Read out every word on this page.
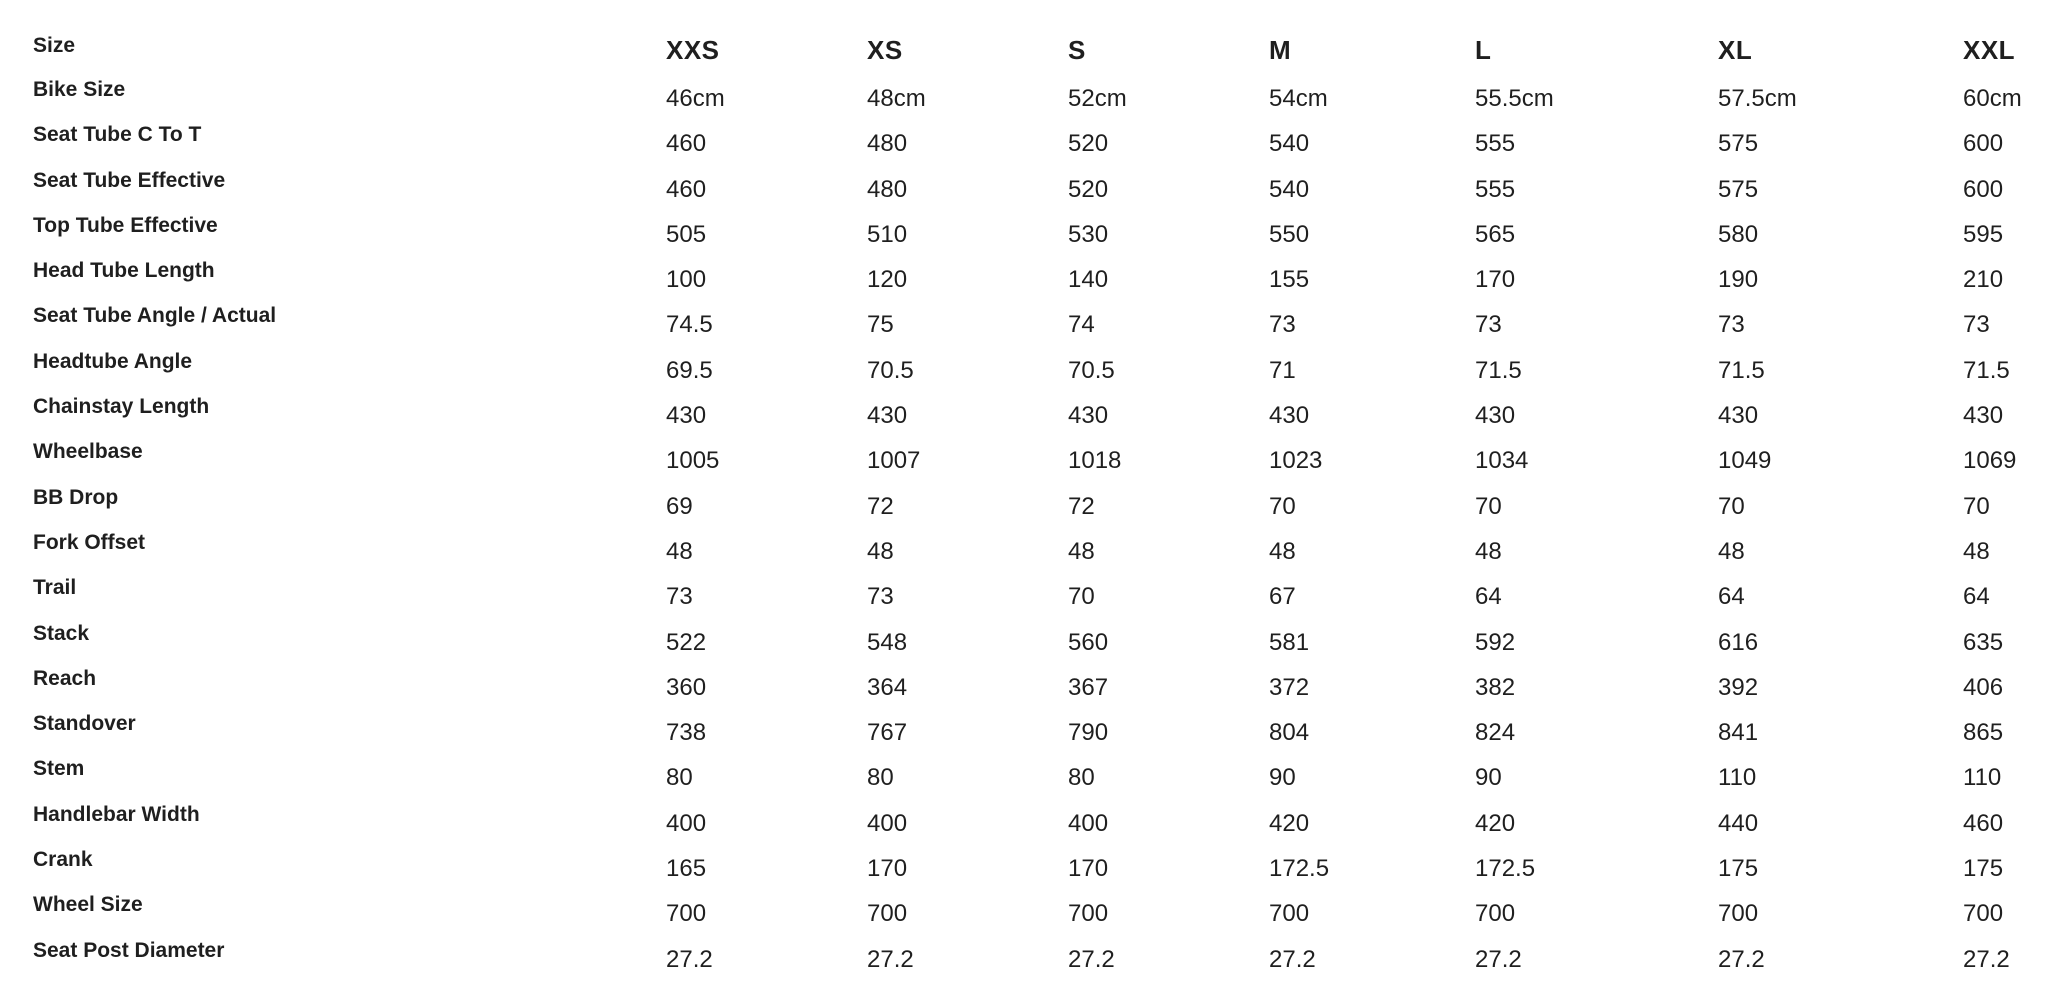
Size	XXS	XS	S	M	L	XL	XXL
Bike Size	46cm	48cm	52cm	54cm	55.5cm	57.5cm	60cm
Seat Tube C To T	460	480	520	540	555	575	600
Seat Tube Effective	460	480	520	540	555	575	600
Top Tube Effective	505	510	530	550	565	580	595
Head Tube Length	100	120	140	155	170	190	210
Seat Tube Angle / Actual	74.5	75	74	73	73	73	73
Headtube Angle	69.5	70.5	70.5	71	71.5	71.5	71.5
Chainstay Length	430	430	430	430	430	430	430
Wheelbase	1005	1007	1018	1023	1034	1049	1069
BB Drop	69	72	72	70	70	70	70
Fork Offset	48	48	48	48	48	48	48
Trail	73	73	70	67	64	64	64
Stack	522	548	560	581	592	616	635
Reach	360	364	367	372	382	392	406
Standover	738	767	790	804	824	841	865
Stem	80	80	80	90	90	110	110
Handlebar Width	400	400	400	420	420	440	460
Crank	165	170	170	172.5	172.5	175	175
Wheel Size	700	700	700	700	700	700	700
Seat Post Diameter	27.2	27.2	27.2	27.2	27.2	27.2	27.2
